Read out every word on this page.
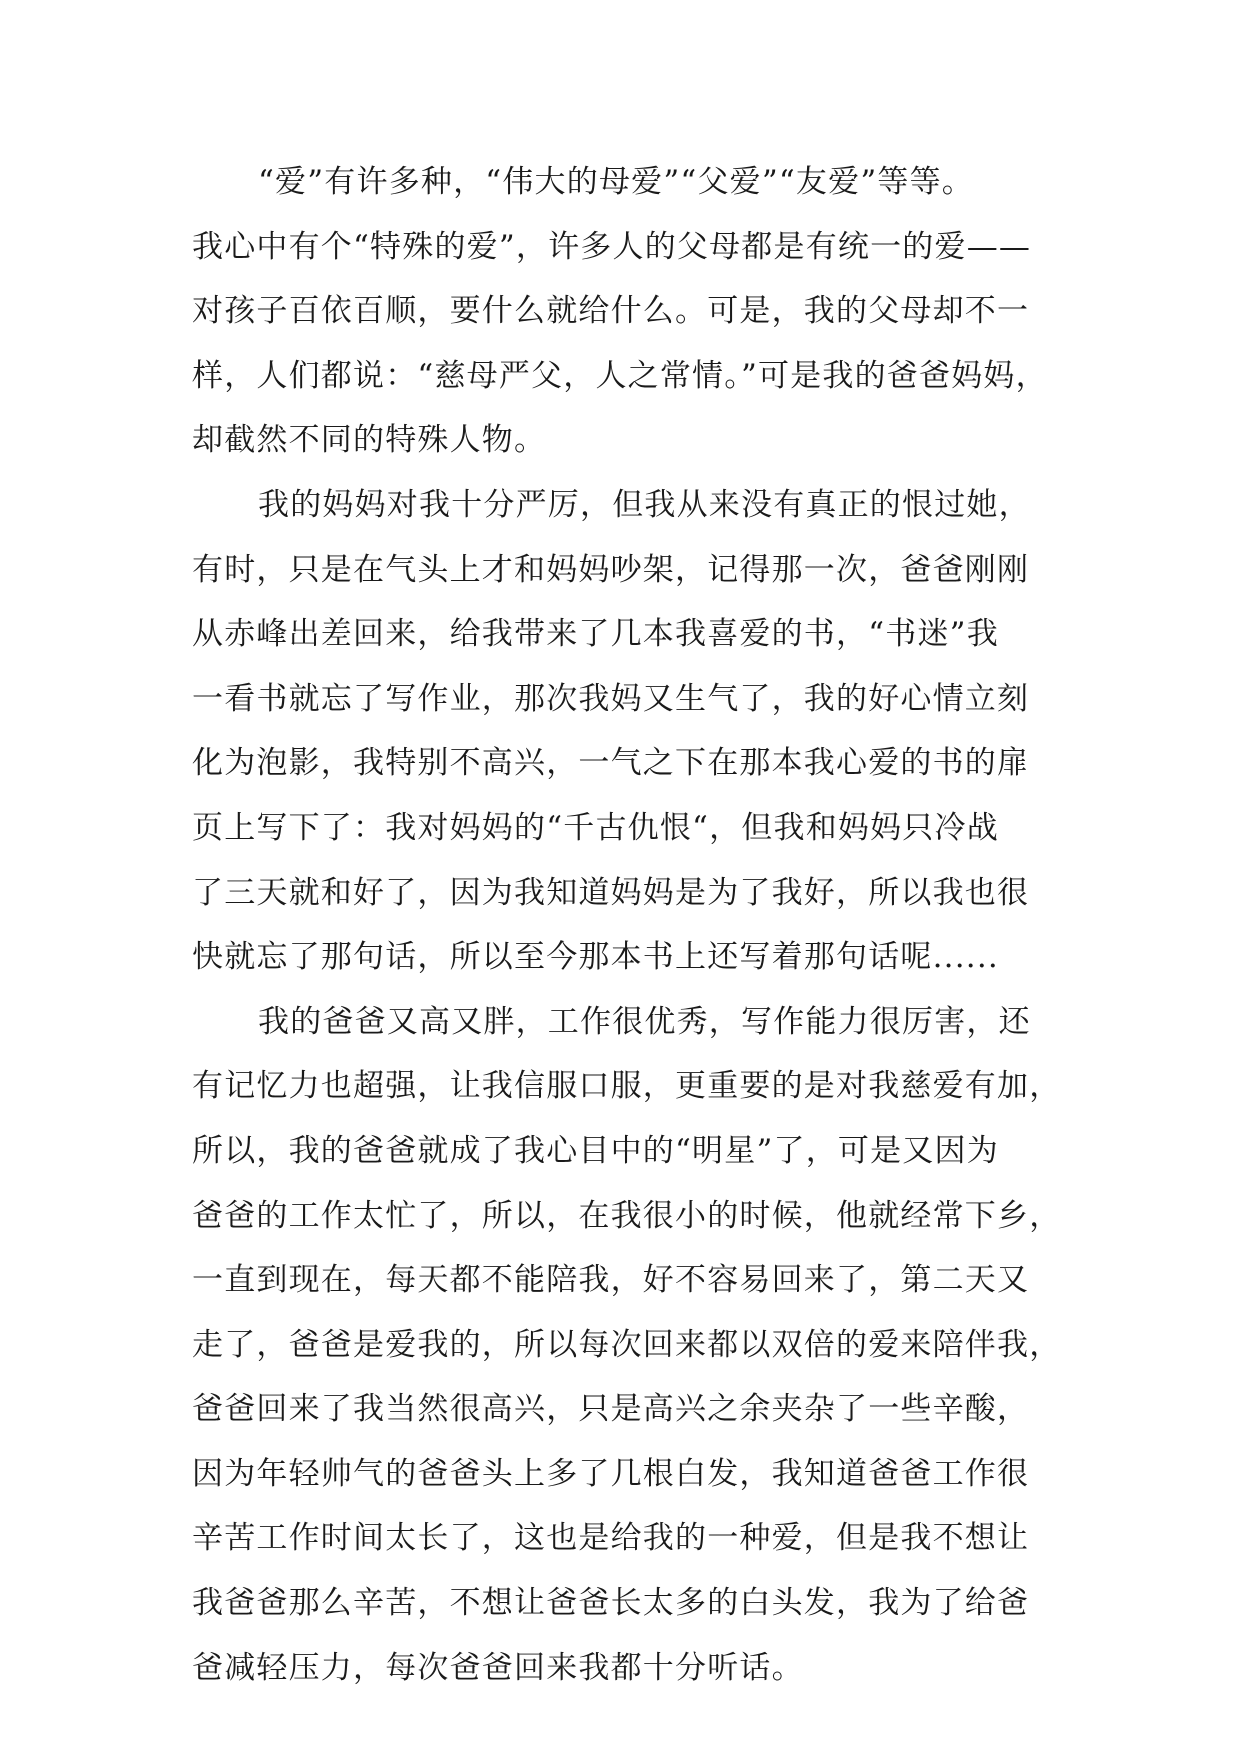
“爱”有许多种，“伟大的母爱”“父爱”“友爱”等等。
我心中有个“特殊的爱”，许多人的父母都是有统一的爱——
对孩子百依百顺，要什么就给什么。可是，我的父母却不一
样，人们都说：“慈母严父，人之常情。”可是我的爸爸妈妈，
却截然不同的特殊人物。
我的妈妈对我十分严厉，但我从来没有真正的恨过她，
有时，只是在气头上才和妈妈吵架，记得那一次，爸爸刚刚
从赤峰出差回来，给我带来了几本我喜爱的书，“书迷”我
一看书就忘了写作业，那次我妈又生气了，我的好心情立刻
化为泡影，我特别不高兴，一气之下在那本我心爱的书的扉
页上写下了：我对妈妈的“千古仇恨“，但我和妈妈只冷战
了三天就和好了，因为我知道妈妈是为了我好，所以我也很
快就忘了那句话，所以至今那本书上还写着那句话呢......
我的爸爸又高又胖，工作很优秀，写作能力很厉害，还
有记忆力也超强，让我信服口服，更重要的是对我慈爱有加，
所以，我的爸爸就成了我心目中的“明星”了，可是又因为
爸爸的工作太忙了，所以，在我很小的时候，他就经常下乡，
一直到现在，每天都不能陪我，好不容易回来了，第二天又
走了，爸爸是爱我的，所以每次回来都以双倍的爱来陪伴我，
爸爸回来了我当然很高兴，只是高兴之余夹杂了一些辛酸，
因为年轻帅气的爸爸头上多了几根白发，我知道爸爸工作很
辛苦工作时间太长了，这也是给我的一种爱，但是我不想让
我爸爸那么辛苦，不想让爸爸长太多的白头发，我为了给爸
爸减轻压力，每次爸爸回来我都十分听话。
